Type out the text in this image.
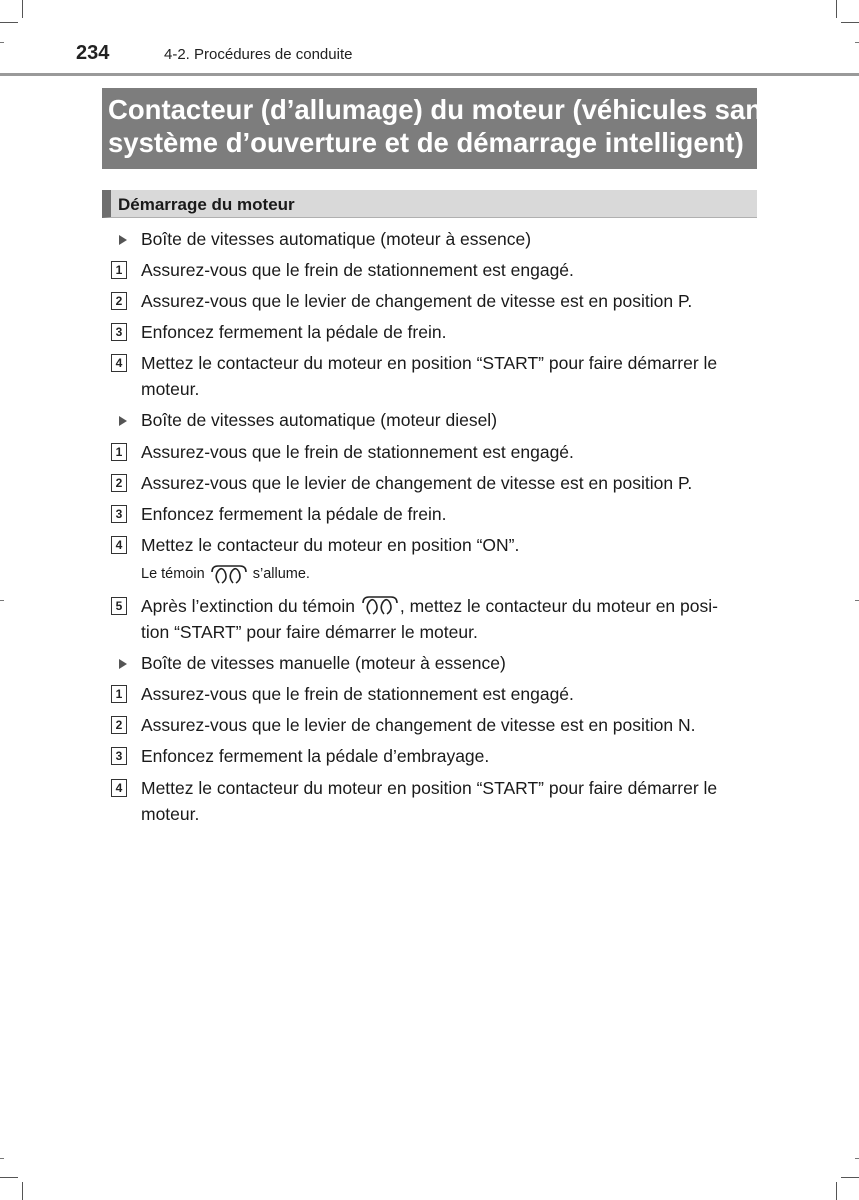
234	4-2. Procédures de conduite
Contacteur (d’allumage) du moteur (véhicules sans
système d’ouverture et de démarrage intelligent)
Démarrage du moteur
Boîte de vitesses automatique (moteur à essence)
1 Assurez-vous que le frein de stationnement est engagé.
2 Assurez-vous que le levier de changement de vitesse est en position P.
3 Enfoncez fermement la pédale de frein.
4 Mettez le contacteur du moteur en position “START” pour faire démarrer le
moteur.
Boîte de vitesses automatique (moteur diesel)
1 Assurez-vous que le frein de stationnement est engagé.
2 Assurez-vous que le levier de changement de vitesse est en position P.
3 Enfoncez fermement la pédale de frein.
4 Mettez le contacteur du moteur en position “ON”.
Le témoin	s’allume.
5 Après l’extinction du témoin	, mettez le contacteur du moteur en posi-
tion “START” pour faire démarrer le moteur.
Boîte de vitesses manuelle (moteur à essence)
1 Assurez-vous que le frein de stationnement est engagé.
2 Assurez-vous que le levier de changement de vitesse est en position N.
3 Enfoncez fermement la pédale d’embrayage.
4 Mettez le contacteur du moteur en position “START” pour faire démarrer le
moteur.
